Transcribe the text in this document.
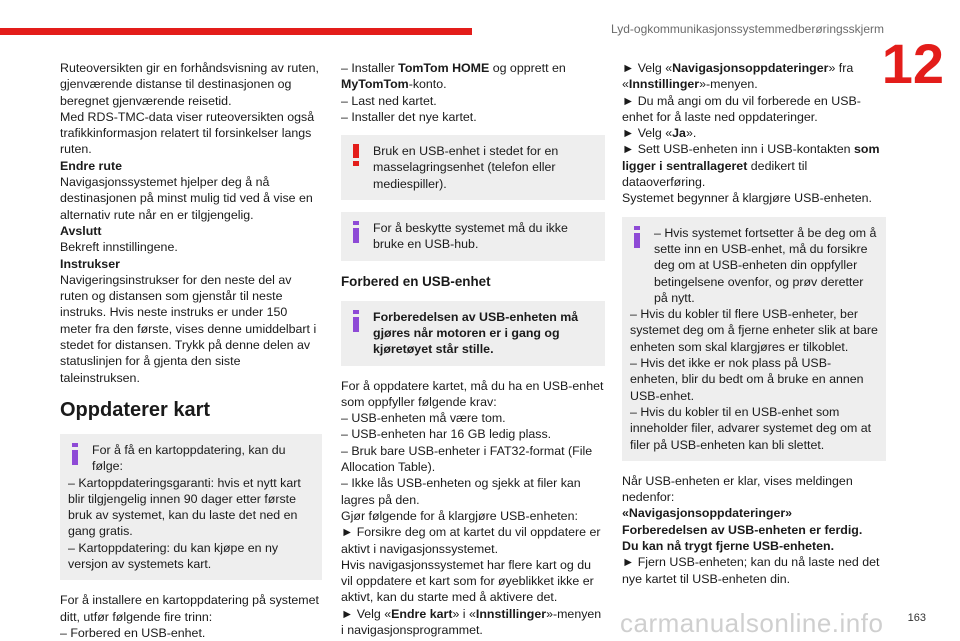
Lyd-ogkommunikasjonssystemmedberøringsskjerm
12

Ruteoversikten gir en forhåndsvisning av ruten, gjenværende distanse til destinasjonen og beregnet gjenværende reisetid.

Med RDS-TMC-data viser ruteoversikten også trafikkinformasjon relatert til forsinkelser langs ruten.

Endre rute

Navigasjonssystemet hjelper deg å nå destinasjonen på minst mulig tid ved å vise en alternativ rute når en er tilgjengelig.

Avslutt

Bekreft innstillingene.

Instrukser

Navigeringsinstrukser for den neste del av ruten og distansen som gjenstår til neste instruks. Hvis neste instruks er under 150 meter fra den første, vises denne umiddelbart i stedet for distansen. Trykk på denne delen av statuslinjen for å gjenta den siste taleinstruksen.

Oppdaterer kart

For å få en kartoppdatering, kan du følge:

– Kartoppdateringsgaranti: hvis et nytt kart blir tilgjengelig innen 90 dager etter første bruk av systemet, kan du laste det ned en gang gratis.

– Kartoppdatering: du kan kjøpe en ny versjon av systemets kart.

For å installere en kartoppdatering på systemet ditt, utfør følgende fire trinn:

– Forbered en USB-enhet.

– Installer TomTom HOME og opprett en MyTomTom-konto.

– Last ned kartet.

– Installer det nye kartet.

Bruk en USB-enhet i stedet for en masselagringsenhet (telefon eller mediespiller).

For å beskytte systemet må du ikke bruke en USB-hub.

Forbered en USB-enhet

Forberedelsen av USB-enheten må gjøres når motoren er i gang og kjøretøyet står stille.

For å oppdatere kartet, må du ha en USB-enhet som oppfyller følgende krav:

– USB-enheten må være tom.

– USB-enheten har 16 GB ledig plass.

– Bruk bare USB-enheter i FAT32-format (File Allocation Table).

– Ikke lås USB-enheten og sjekk at filer kan lagres på den.

Gjør følgende for å klargjøre USB-enheten:

► Forsikre deg om at kartet du vil oppdatere er aktivt i navigasjonssystemet.

Hvis navigasjonssystemet har flere kart og du vil oppdatere et kart som for øyeblikket ikke er aktivt, kan du starte med å aktivere det.

► Velg «Endre kart» i «Innstillinger»-menyen i navigasjonsprogrammet.

► Velg «Navigasjonsoppdateringer» fra «Innstillinger»-menyen.

► Du må angi om du vil forberede en USB-enhet for å laste ned oppdateringer.

► Velg «Ja».

► Sett USB-enheten inn i USB-kontakten som ligger i sentrallageret dedikert til dataoverføring.

Systemet begynner å klargjøre USB-enheten.

– Hvis systemet fortsetter å be deg om å sette inn en USB-enhet, må du forsikre deg om at USB-enheten din oppfyller betingelsene ovenfor, og prøv deretter på nytt.

– Hvis du kobler til flere USB-enheter, ber systemet deg om å fjerne enheter slik at bare enheten som skal klargjøres er tilkoblet.

– Hvis det ikke er nok plass på USB-enheten, blir du bedt om å bruke en annen USB-enhet.

– Hvis du kobler til en USB-enhet som inneholder filer, advarer systemet deg om at filer på USB-enheten kan bli slettet.

Når USB-enheten er klar, vises meldingen nedenfor:

«Navigasjonsoppdateringer»

Forberedelsen av USB-enheten er ferdig.

Du kan nå trygt fjerne USB-enheten.

► Fjern USB-enheten; kan du nå laste ned det nye kartet til USB-enheten din.

carmanualsonline.info 163
